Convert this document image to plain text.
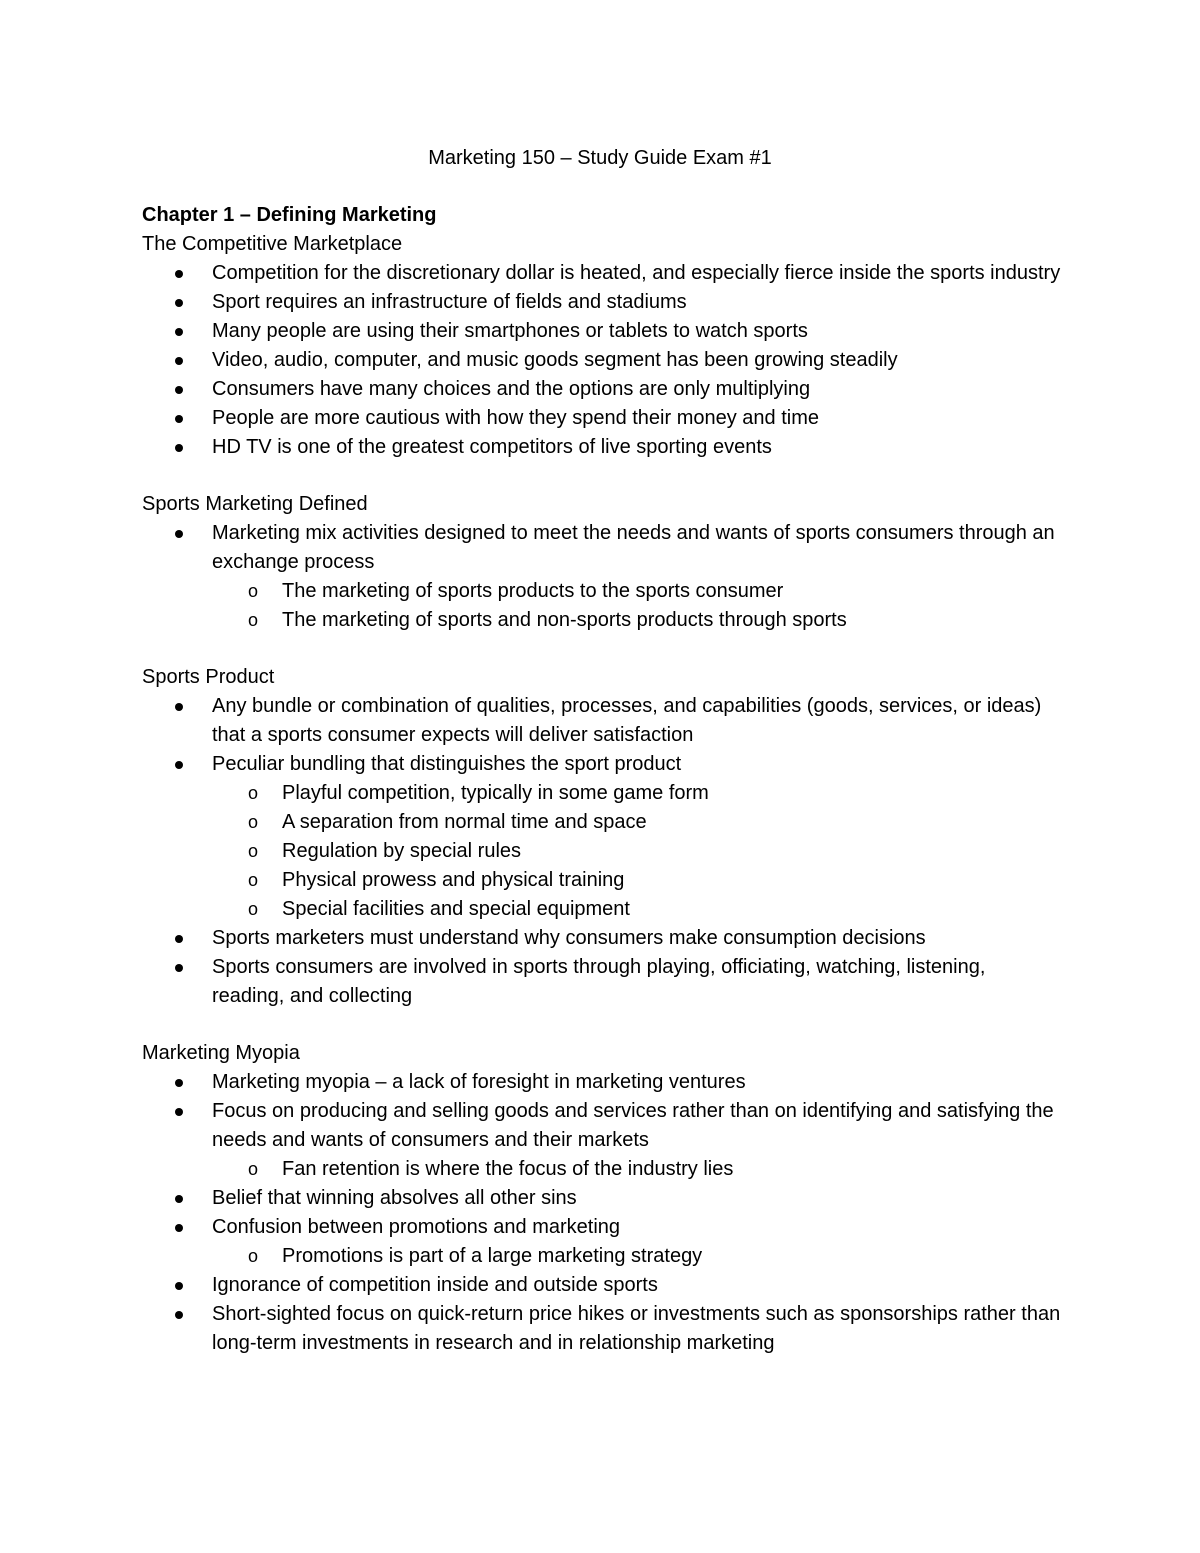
Marketing 150 – Study Guide Exam #1
Chapter 1 – Defining Marketing
The Competitive Marketplace
Competition for the discretionary dollar is heated, and especially fierce inside the sports industry
Sport requires an infrastructure of fields and stadiums
Many people are using their smartphones or tablets to watch sports
Video, audio, computer, and music goods segment has been growing steadily
Consumers have many choices and the options are only multiplying
People are more cautious with how they spend their money and time
HD TV is one of the greatest competitors of live sporting events
Sports Marketing Defined
Marketing mix activities designed to meet the needs and wants of sports consumers through an exchange process
o The marketing of sports products to the sports consumer
o The marketing of sports and non-sports products through sports
Sports Product
Any bundle or combination of qualities, processes, and capabilities (goods, services, or ideas) that a sports consumer expects will deliver satisfaction
Peculiar bundling that distinguishes the sport product
o Playful competition, typically in some game form
o A separation from normal time and space
o Regulation by special rules
o Physical prowess and physical training
o Special facilities and special equipment
Sports marketers must understand why consumers make consumption decisions
Sports consumers are involved in sports through playing, officiating, watching, listening, reading, and collecting
Marketing Myopia
Marketing myopia – a lack of foresight in marketing ventures
Focus on producing and selling goods and services rather than on identifying and satisfying the needs and wants of consumers and their markets
o Fan retention is where the focus of the industry lies
Belief that winning absolves all other sins
Confusion between promotions and marketing
o Promotions is part of a large marketing strategy
Ignorance of competition inside and outside sports
Short-sighted focus on quick-return price hikes or investments such as sponsorships rather than long-term investments in research and in relationship marketing
